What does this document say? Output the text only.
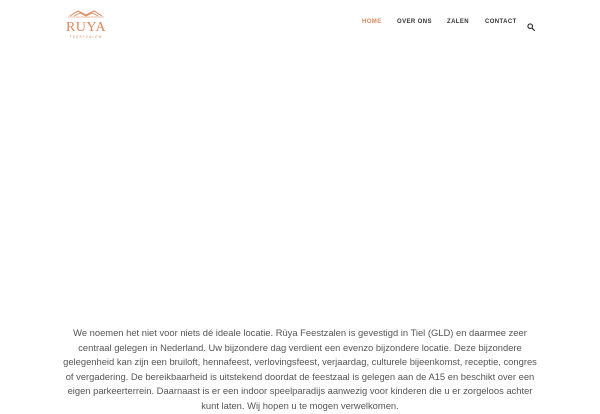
RUYA
FEESTZALEN
HOME	OVER ONS	ZALEN	CONTACT
We noemen het niet voor niets dé ideale locatie. Rüya Feestzalen is gevestigd in Tiel (GLD) en daarmee zeer centraal gelegen in Nederland. Uw bijzondere dag verdient een evenzo bijzondere locatie. Deze bijzondere gelegenheid kan zijn een bruiloft, hennafeest, verlovingsfeest, verjaardag, culturele bijeenkomst, receptie, congres of vergadering. De bereikbaarheid is uitstekend doordat de feestzaal is gelegen aan de A15 en beschikt over een eigen parkeerterrein. Daarnaast is er een indoor speelparadijs aanwezig voor kinderen die u er zorgeloos achter kunt laten. Wij hopen u te mogen verwelkomen.
